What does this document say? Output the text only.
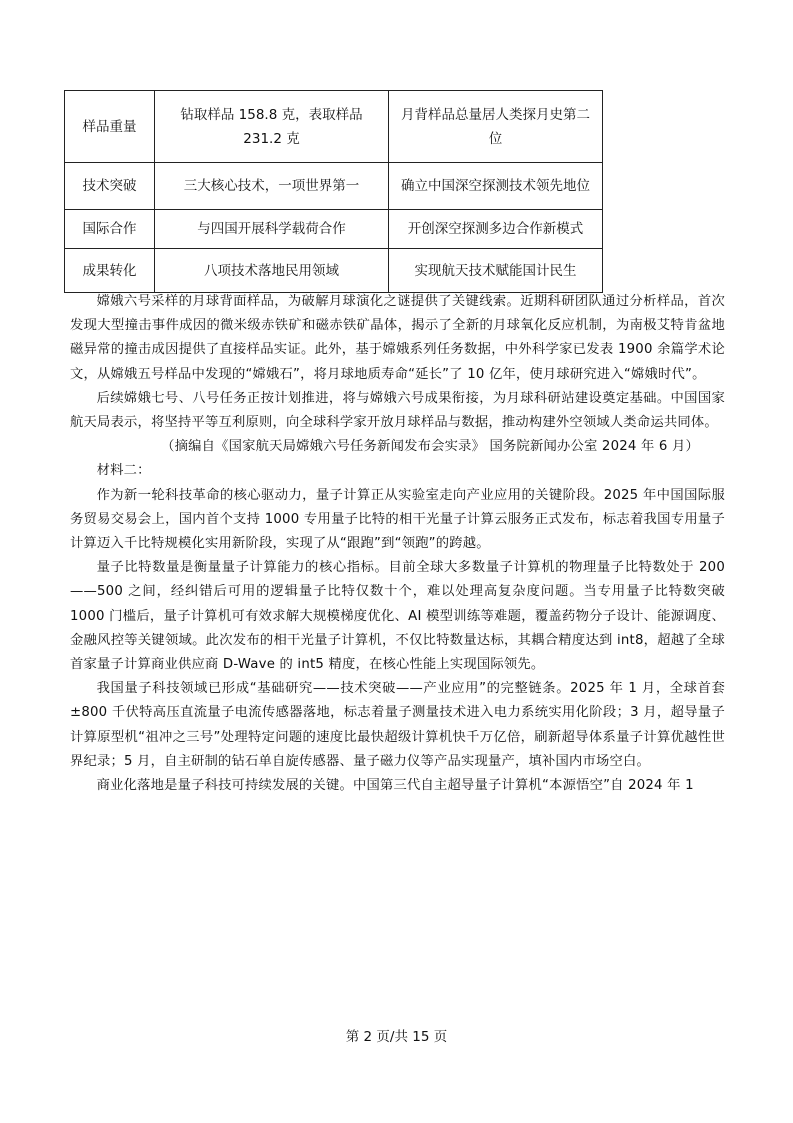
样品重量	钻取样品 158.8 克，表取样品 231.2 克	月背样品总量居人类探月史第二位
技术突破	三大核心技术，一项世界第一	确立中国深空探测技术领先地位
国际合作	与四国开展科学载荷合作	开创深空探测多边合作新模式
成果转化	八项技术落地民用领域	实现航天技术赋能国计民生

嫦娥六号采样的月球背面样品，为破解月球演化之谜提供了关键线索。近期科研团队通过分析样品，首次发现大型撞击事件成因的微米级赤铁矿和磁赤铁矿晶体，揭示了全新的月球氧化反应机制，为南极艾特肯盆地磁异常的撞击成因提供了直接样品实证。此外，基于嫦娥系列任务数据，中外科学家已发表 1900 余篇学术论文，从嫦娥五号样品中发现的“嫦娥石”，将月球地质寿命“延长”了 10 亿年，使月球研究进入“嫦娥时代”。

后续嫦娥七号、八号任务正按计划推进，将与嫦娥六号成果衔接，为月球科研站建设奠定基础。中国国家航天局表示，将坚持平等互利原则，向全球科学家开放月球样品与数据，推动构建外空领域人类命运共同体。

（摘编自《国家航天局嫦娥六号任务新闻发布会实录》 国务院新闻办公室 2024 年 6 月）

材料二：

作为新一轮科技革命的核心驱动力，量子计算正从实验室走向产业应用的关键阶段。2025 年中国国际服务贸易交易会上，国内首个支持 1000 专用量子比特的相干光量子计算云服务正式发布，标志着我国专用量子计算迈入千比特规模化实用新阶段，实现了从“跟跑”到“领跑”的跨越。

量子比特数量是衡量量子计算能力的核心指标。目前全球大多数量子计算机的物理量子比特数处于 200——500 之间，经纠错后可用的逻辑量子比特仅数十个，难以处理高复杂度问题。当专用量子比特数突破 1000 门槛后，量子计算机可有效求解大规模梯度优化、AI 模型训练等难题，覆盖药物分子设计、能源调度、金融风控等关键领域。此次发布的相干光量子计算机，不仅比特数量达标，其耦合精度达到 int8，超越了全球首家量子计算商业供应商 D-Wave 的 int5 精度，在核心性能上实现国际领先。

我国量子科技领域已形成“基础研究——技术突破——产业应用”的完整链条。2025 年 1 月，全球首套±800 千伏特高压直流量子电流传感器落地，标志着量子测量技术进入电力系统实用化阶段；3 月，超导量子计算原型机“祖冲之三号”处理特定问题的速度比最快超级计算机快千万亿倍，刷新超导体系量子计算优越性世界纪录；5 月，自主研制的钻石单自旋传感器、量子磁力仪等产品实现量产，填补国内市场空白。

商业化落地是量子科技可持续发展的关键。中国第三代自主超导量子计算机“本源悟空”自 2024 年 1

第 2 页/共 15 页
